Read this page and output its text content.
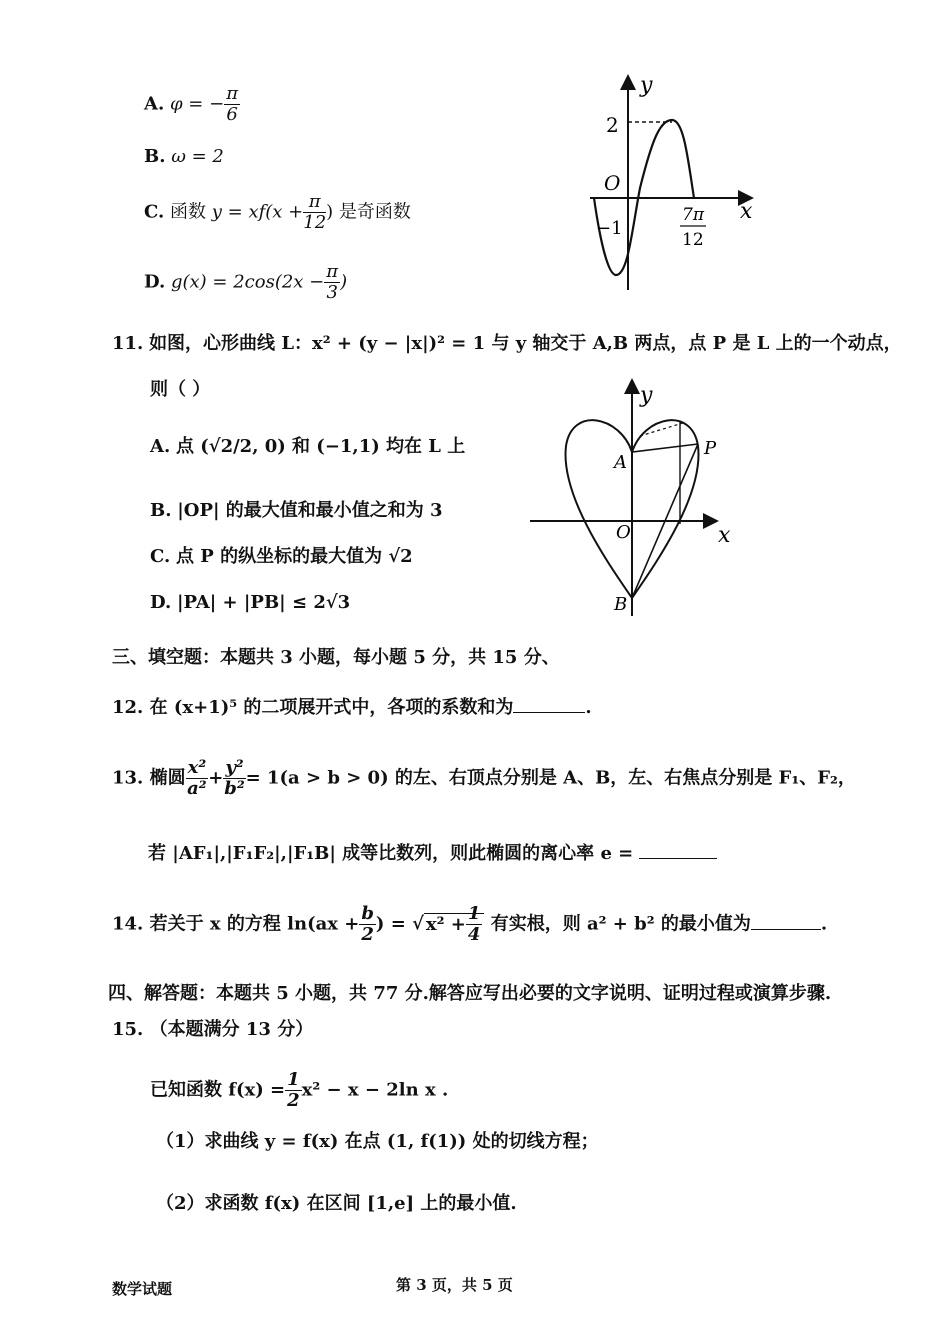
A. φ = − $\frac{\pi}{6}$
B. ω = 2
C. 函数 $y = xf(x + \frac{\pi}{12}$ ) 是奇函数
D. $g(x) = 2\cos(2x - \frac{\pi}{3}$ )
y
x
O
2
−1
7π
12
11. 如图，心形曲线 L：x² + (y − |x|)² = 1 与 y 轴交于 A,B 两点，点 P 是 L 上的一个动点，
则（ ）
A. 点 (√2/2, 0) 和 (−1,1) 均在 L 上
B. |OP| 的最大值和最小值之和为 3
C. 点 P 的纵坐标的最大值为 √2
D. |PA| + |PB| ≤ 2√3
y
x
O
A
B
P
三、填空题：本题共 3 小题，每小题 5 分，共 15 分、
12. 在 (x+1)⁵ 的二项展开式中，各项的系数和为	.
13. 椭圆 $\frac{\text{x²}}{\text{a²}} + \frac{\text{y²}}{\text{b²}} = 1(a > b > 0)$ 的左、右顶点分别是 A、B，左、右焦点分别是 F₁、F₂，
若 |AF₁|,|F₁F₂|,|F₁B| 成等比数列，则此椭圆的离心率 e =
14. 若关于 x 的方程 $\ln(ax + \frac{b}{2}$ ) = √ $x^2 + \frac{1}{4}$ 有实根，则 a² + b² 的最小值为	.
四、解答题：本题共 5 小题，共 77 分.解答应写出必要的文字说明、证明过程或演算步骤.
15. （本题满分 13 分）
已知函数 $f(x) = \frac{1}{2} x^2 - x - 2\ln$ x .
（1）求曲线 y = f(x) 在点 (1, f(1)) 处的切线方程；
（2）求函数 f(x) 在区间 [1,e] 上的最小值.
数学试题	第 3 页，共 5 页
